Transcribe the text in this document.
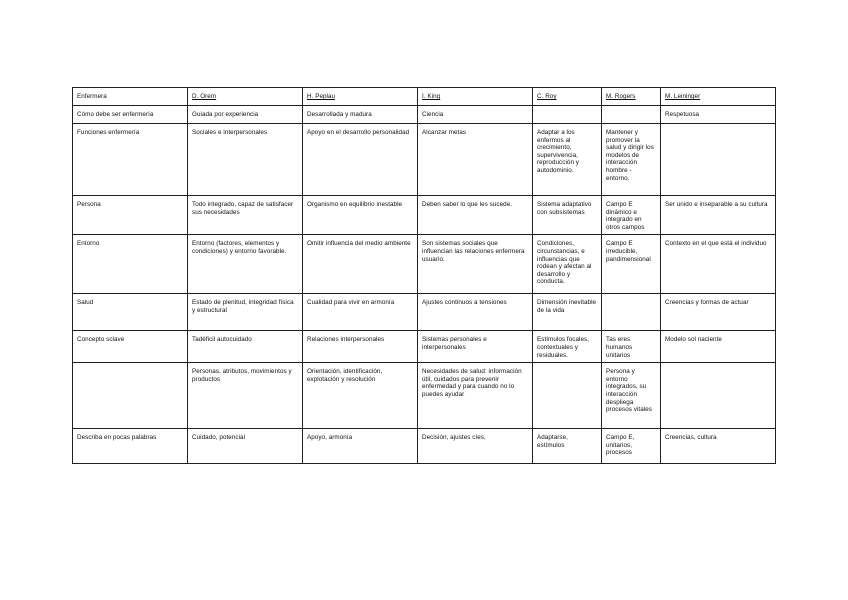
Enfermera	D. Orem	H. Peplau	I. King	C. Roy	M. Rogers	M. Leininger
Cómo debe ser enfermería	Guiada por experiencia	Desarrollada y madura	Ciencia			Respetuosa
Funciones enfermería	Sociales e interpersonales	Apoyo en el desarrollo personalidad	Alcanzar metas	Adaptar a los enfermos al crecimiento, supervivencia, reproducción y autodominio.	Mantener y promover la salud y dirigir los modelos de interacción hombre - entorno.	
Persona	Todo integrado, capaz de satisfacer sus necesidades	Organismo en equilibrio inestable	Deben saber lo que les sucede.	Sistema adaptativo con subsistemas	Campo E dinámico e integrado en otros campos	Ser unido e inseparable a su cultura
Entorno	Entorno (factores, elementos y condiciones) y entorno favorable.	Omitir influencia del medio ambiente	Son sistemas sociales que influencian las relaciones enfermera usuario.	Condiciones, circunstancias, e influencias que rodean y afectan al desarrollo y conducta.	Campo E irreducible, pandimensional	Contexto en el que está el individuo
Salud	Estado de plenitud, integridad física y estructural	Cualidad para vivir en armonía	Ajustes continuos a tensiones	Dimensión inevitable de la vida		Creencias y formas de actuar
Concepto sclave	Tadéficil autocuidado	Relaciones interpersonales	Sistemas personales e interpersonales	Estímulos focales, contextuales y residuales.	Tas eres humanos unitarios	Modelo sol naciente
	Personas, atributos, movimientos y productos	Orientación, identificación, explotación y resolución	Necesidades de salud: información útil, cuidados para prevenir enfermedad y para cuando no lo puedes ayudar		Persona y entorno integrados, su interacción despliega procesos vitales	
Describa en pocas palabras	Cuidado, potencial	Apoyo, armonía	Decisión, ajustes cíes,	Adaptarse, estímulos	Campo E, unitarios, procesos	Creencias, cultura
